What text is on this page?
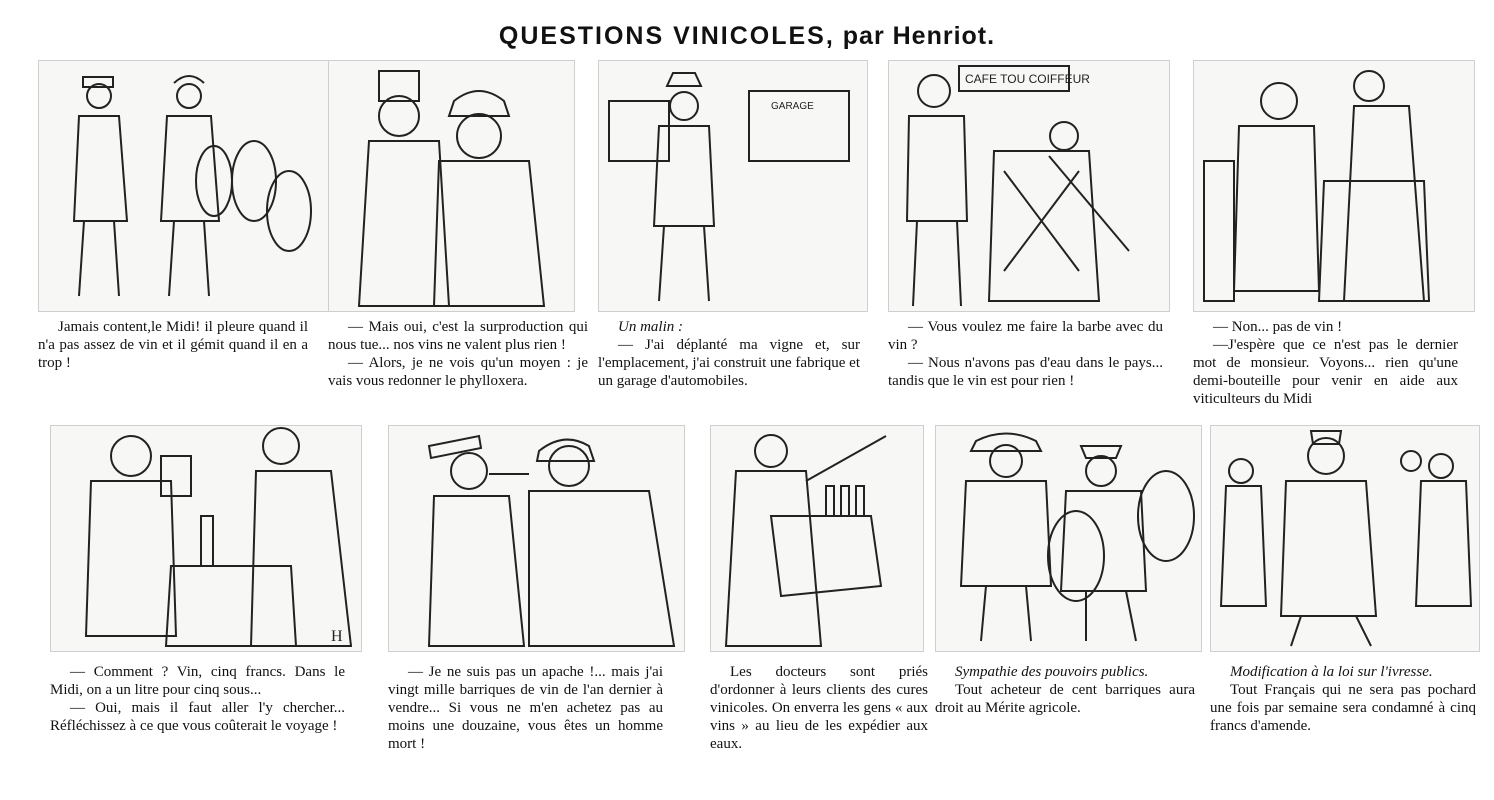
QUESTIONS VINICOLES, par Henriot.

Jamais content,le Midi! il pleure quand il n'a pas assez de vin et il gémit quand il en a trop !

— Mais oui, c'est la surproduction qui nous tue... nos vins ne valent plus rien !

— Alors, je ne vois qu'un moyen : je vais vous redonner le phylloxera.

GARAGE

Un malin :

— J'ai déplanté ma vigne et, sur l'emplacement, j'ai construit une fabrique et un garage d'automobiles.

CAFE TOU COIFFEUR

— Vous voulez me faire la barbe avec du vin ?

— Nous n'avons pas d'eau dans le pays... tandis que le vin est pour rien !

— Non... pas de vin !

—J'espère que ce n'est pas le dernier mot de monsieur. Voyons... rien qu'une demi-bouteille pour venir en aide aux viticulteurs du Midi

H

— Comment ? Vin, cinq francs. Dans le Midi, on a un litre pour cinq sous...

— Oui, mais il faut aller l'y chercher... Réfléchissez à ce que vous coûterait le voyage !

— Je ne suis pas un apache !... mais j'ai vingt mille barriques de vin de l'an dernier à vendre... Si vous ne m'en achetez pas au moins une douzaine, vous êtes un homme mort !

Les docteurs sont priés d'ordonner à leurs clients des cures vinicoles. On enverra les gens « aux vins » au lieu de les expédier aux eaux.

Sympathie des pouvoirs publics.

Tout acheteur de cent barriques aura droit au Mérite agricole.

Modification à la loi sur l'ivresse.

Tout Français qui ne sera pas pochard une fois par semaine sera condamné à cinq francs d'amende.
